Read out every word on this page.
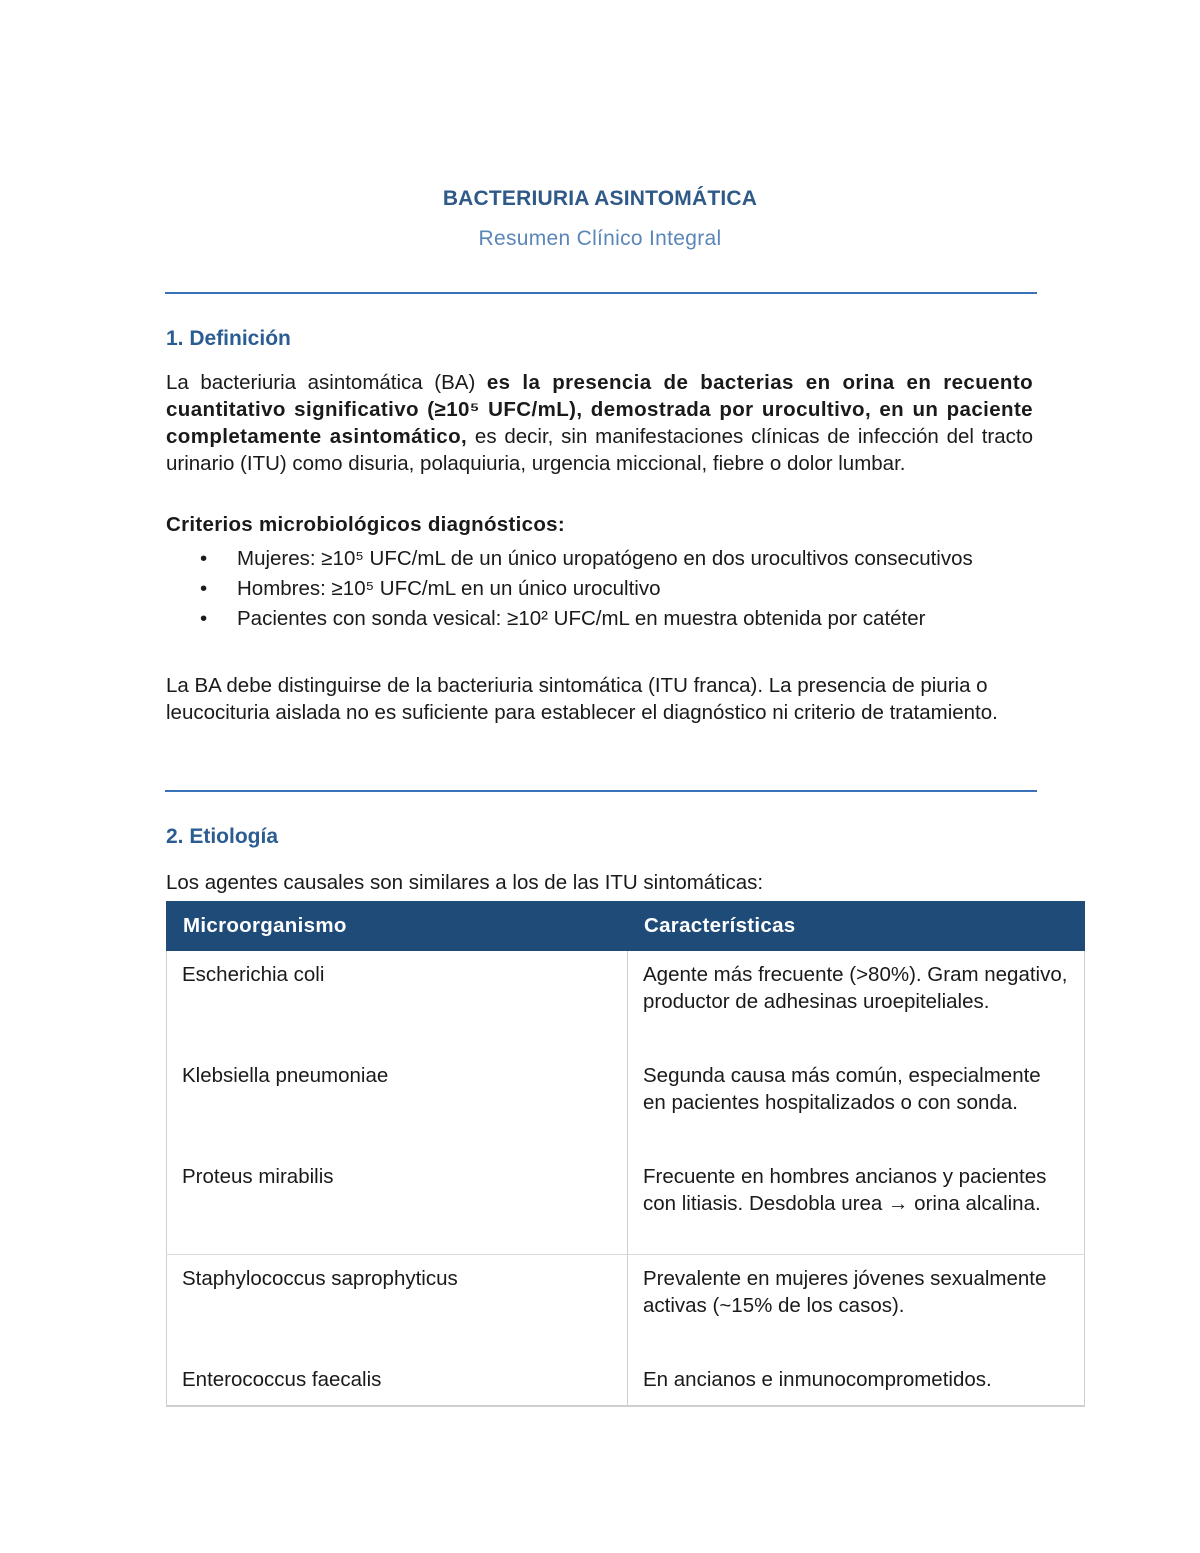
BACTERIURIA ASINTOMÁTICA
Resumen Clínico Integral
1. Definición
La bacteriuria asintomática (BA) es la presencia de bacterias en orina en recuento cuantitativo significativo (≥10⁵ UFC/mL), demostrada por urocultivo, en un paciente completamente asintomático, es decir, sin manifestaciones clínicas de infección del tracto urinario (ITU) como disuria, polaquiuria, urgencia miccional, fiebre o dolor lumbar.
Criterios microbiológicos diagnósticos:
• Mujeres: ≥10⁵ UFC/mL de un único uropatógeno en dos urocultivos consecutivos
• Hombres: ≥10⁵ UFC/mL en un único urocultivo
• Pacientes con sonda vesical: ≥10² UFC/mL en muestra obtenida por catéter
La BA debe distinguirse de la bacteriuria sintomática (ITU franca). La presencia de piuria o leucocituria aislada no es suficiente para establecer el diagnóstico ni criterio de tratamiento.
2. Etiología
Los agentes causales son similares a los de las ITU sintomáticas:
Microorganismo	Características
Escherichia coli	Agente más frecuente (>80%). Gram negativo, productor de adhesinas uroepiteliales.
Klebsiella pneumoniae	Segunda causa más común, especialmente en pacientes hospitalizados o con sonda.
Proteus mirabilis	Frecuente en hombres ancianos y pacientes con litiasis. Desdobla urea → orina alcalina.
Staphylococcus saprophyticus	Prevalente en mujeres jóvenes sexualmente activas (~15% de los casos).
Enterococcus faecalis	En ancianos e inmunocomprometidos.
